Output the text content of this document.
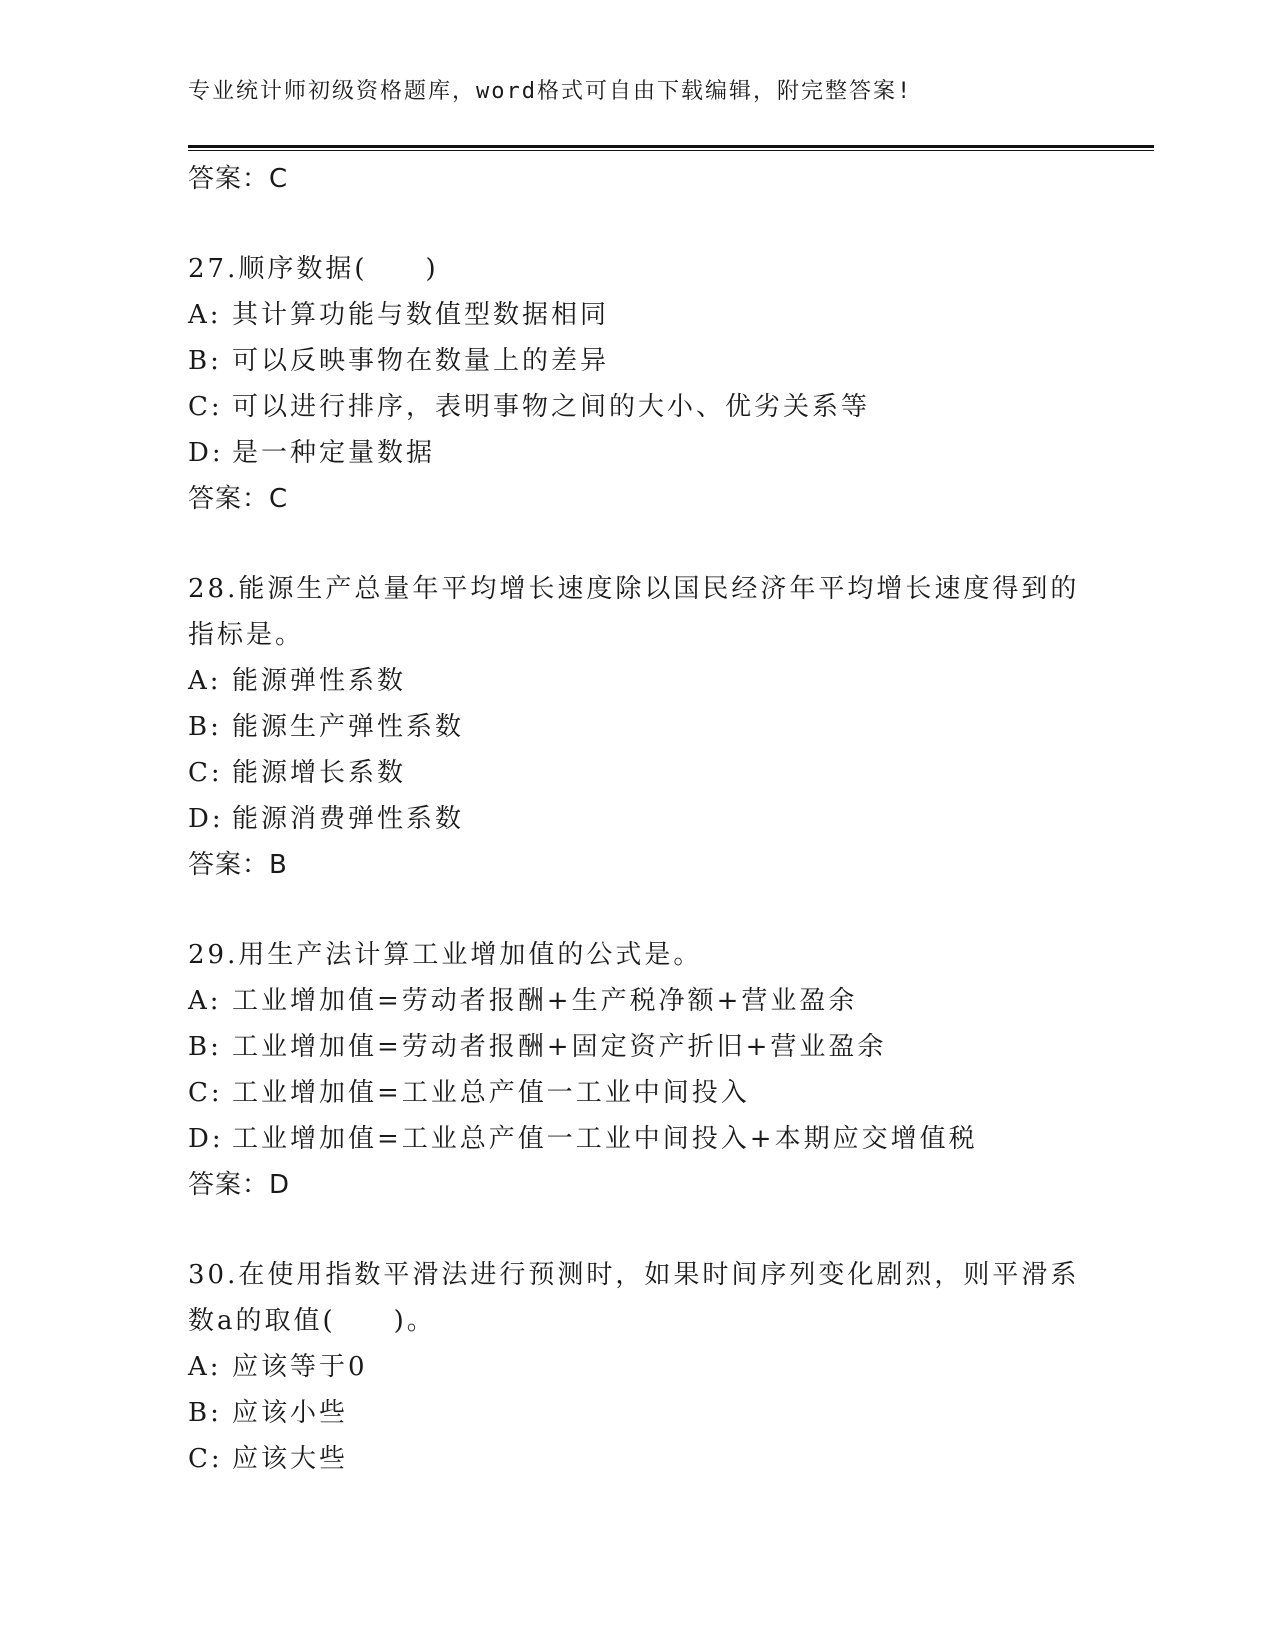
专业统计师初级资格题库，word格式可自由下载编辑，附完整答案!
答案：C
27.顺序数据(　　)
A: 其计算功能与数值型数据相同
B: 可以反映事物在数量上的差异
C: 可以进行排序，表明事物之间的大小、优劣关系等
D: 是一种定量数据
答案：C
28.能源生产总量年平均增长速度除以国民经济年平均增长速度得到的
指标是。
A: 能源弹性系数
B: 能源生产弹性系数
C: 能源增长系数
D: 能源消费弹性系数
答案：B
29.用生产法计算工业增加值的公式是。
A: 工业增加值=劳动者报酬+生产税净额+营业盈余
B: 工业增加值=劳动者报酬+固定资产折旧+营业盈余
C: 工业增加值=工业总产值一工业中间投入
D: 工业增加值=工业总产值一工业中间投入+本期应交增值税
答案：D
30.在使用指数平滑法进行预测时，如果时间序列变化剧烈，则平滑系
数a的取值(　　)。
A: 应该等于0
B: 应该小些
C: 应该大些
